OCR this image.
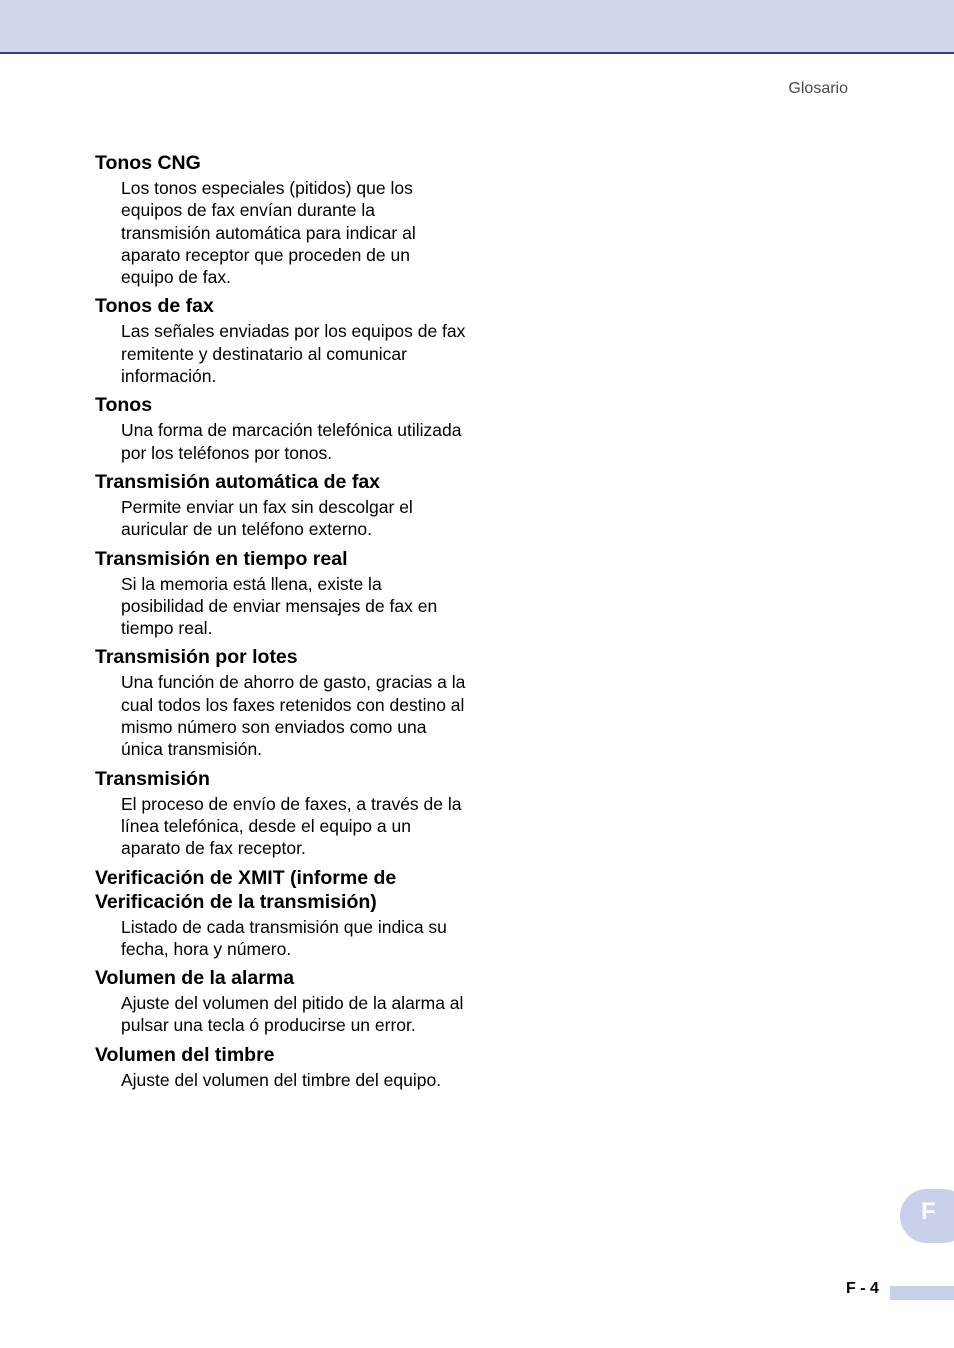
Glosario
Tonos CNG

Los tonos especiales (pitidos) que los equipos de fax envían durante la transmisión automática para indicar al aparato receptor que proceden de un equipo de fax.

Tonos de fax

Las señales enviadas por los equipos de fax remitente y destinatario al comunicar información.

Tonos

Una forma de marcación telefónica utilizada por los teléfonos por tonos.

Transmisión automática de fax

Permite enviar un fax sin descolgar el auricular de un teléfono externo.

Transmisión en tiempo real

Si la memoria está llena, existe la posibilidad de enviar mensajes de fax en tiempo real.

Transmisión por lotes

Una función de ahorro de gasto, gracias a la cual todos los faxes retenidos con destino al mismo número son enviados como una única transmisión.

Transmisión

El proceso de envío de faxes, a través de la línea telefónica, desde el equipo a un aparato de fax receptor.

Verificación de XMIT (informe de Verificación de la transmisión)

Listado de cada transmisión que indica su fecha, hora y número.

Volumen de la alarma

Ajuste del volumen del pitido de la alarma al pulsar una tecla ó producirse un error.

Volumen del timbre

Ajuste del volumen del timbre del equipo.

F
F - 4
